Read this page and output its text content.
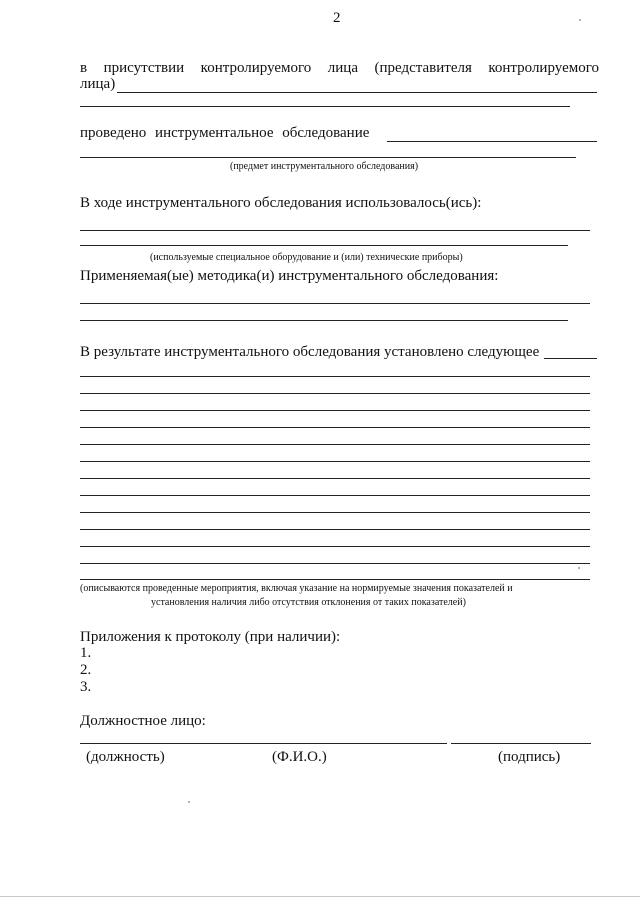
2
в присутствии контролируемого лица (представителя контролируемого
лица)
проведено инструментальное обследование
(предмет инструментального обследования)
В ходе инструментального обследования использовалось(ись):
(используемые специальное оборудование и (или) технические приборы)
Применяемая(ые) методика(и) инструментального обследования:
В результате инструментального обследования установлено следующее
(описываются проведенные мероприятия, включая указание на нормируемые значения показателей и
установления наличия либо отсутствия отклонения от таких показателей)
Приложения к протоколу (при наличии):
1.
2.
3.
Должностное лицо:
(должность)	(Ф.И.О.)	(подпись)
